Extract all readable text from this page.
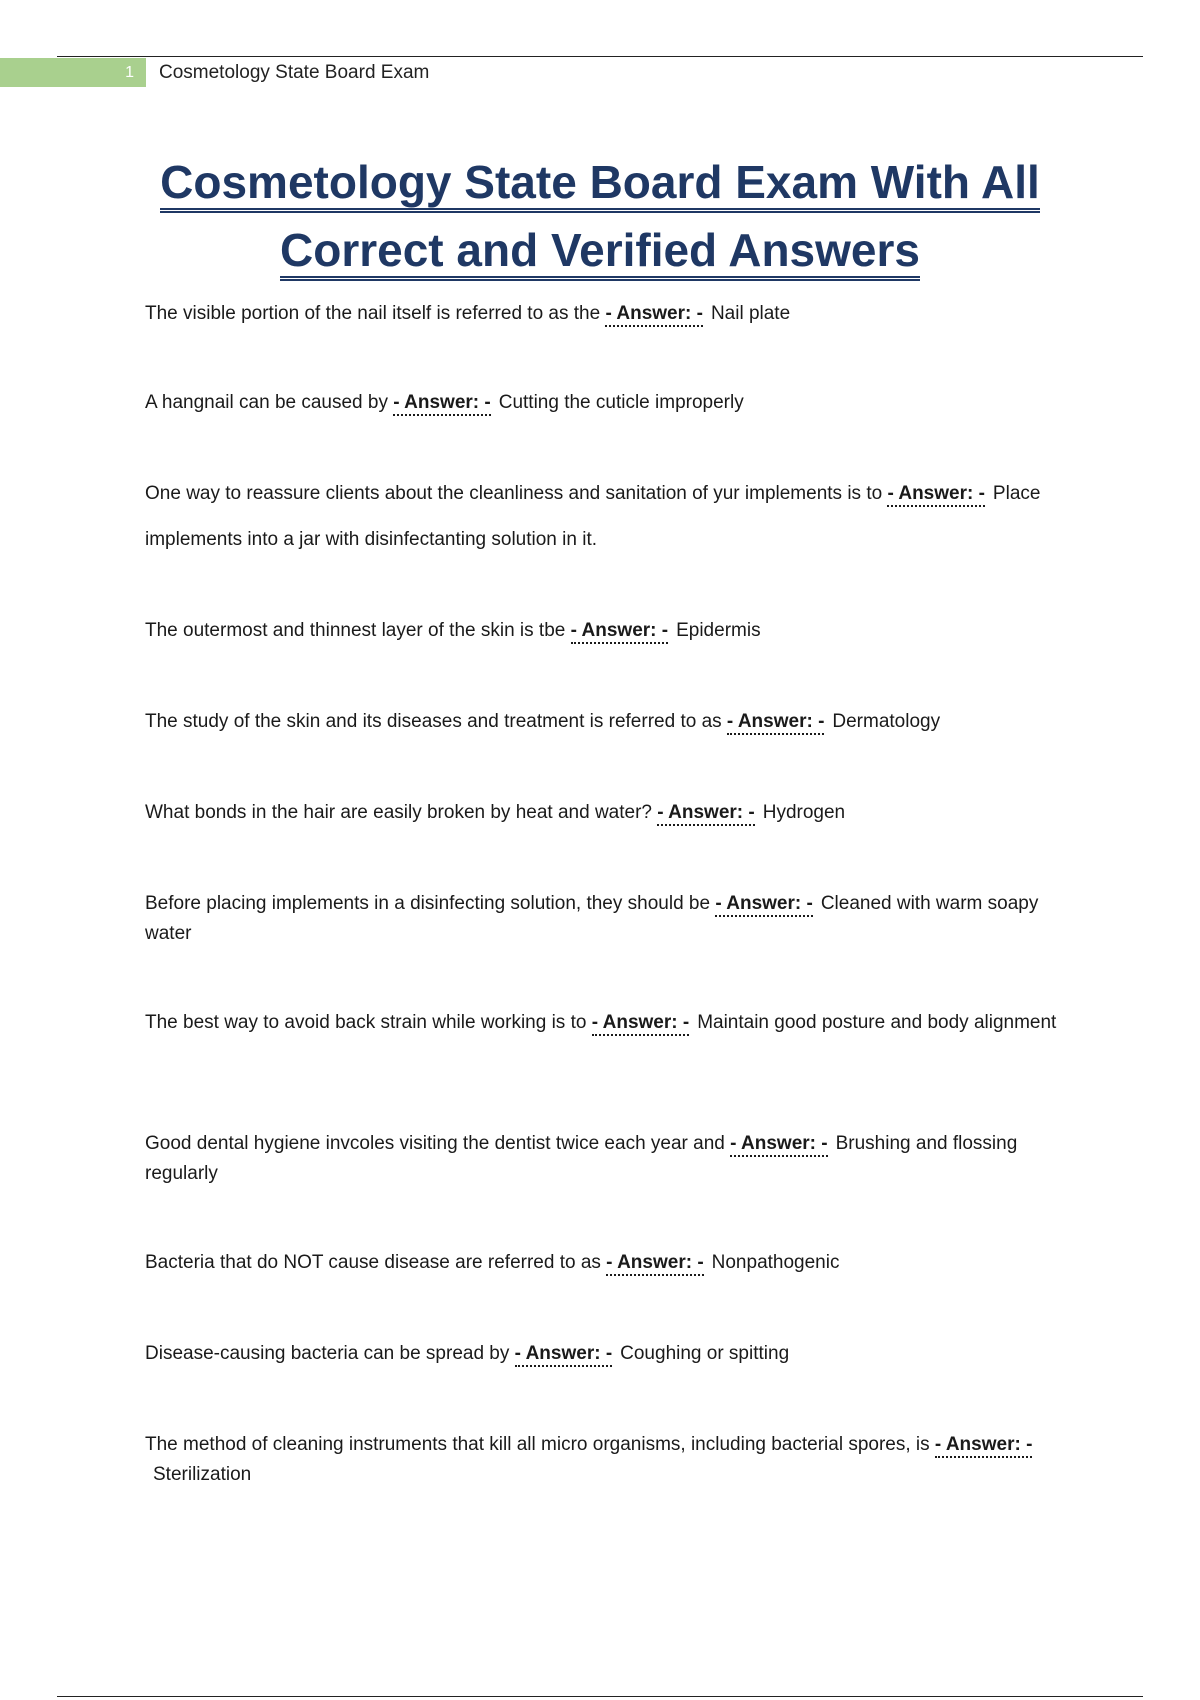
1	Cosmetology State Board Exam
Cosmetology State Board Exam With All
Correct and Verified Answers
The visible portion of the nail itself is referred to as the - Answer: - Nail plate
A hangnail can be caused by - Answer: - Cutting the cuticle improperly
One way to reassure clients about the cleanliness and sanitation of yur implements is to - Answer: - Place implements into a jar with disinfectanting solution in it.
The outermost and thinnest layer of the skin is tbe - Answer: - Epidermis
The study of the skin and its diseases and treatment is referred to as - Answer: - Dermatology
What bonds in the hair are easily broken by heat and water? - Answer: - Hydrogen
Before placing implements in a disinfecting solution, they should be - Answer: - Cleaned with warm soapy water
The best way to avoid back strain while working is to - Answer: - Maintain good posture and body alignment
Good dental hygiene invcoles visiting the dentist twice each year and - Answer: - Brushing and flossing regularly
Bacteria that do NOT cause disease are referred to as - Answer: - Nonpathogenic
Disease-causing bacteria can be spread by - Answer: - Coughing or spitting
The method of cleaning instruments that kill all micro organisms, including bacterial spores, is - Answer: -Sterilization
